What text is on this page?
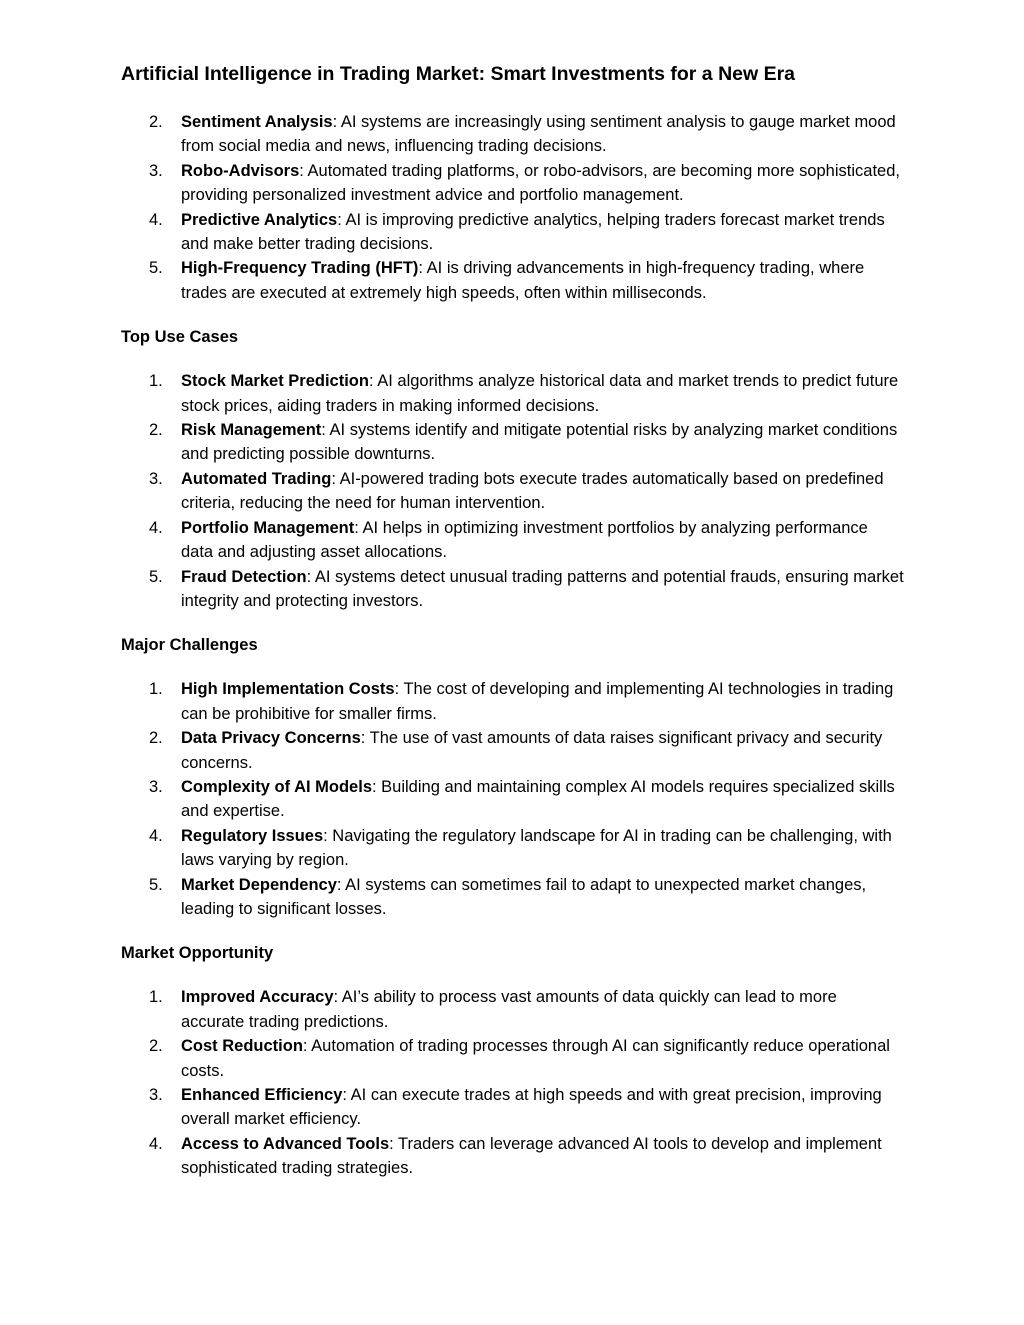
Artificial Intelligence in Trading Market: Smart Investments for a New Era
2. Sentiment Analysis: AI systems are increasingly using sentiment analysis to gauge market mood from social media and news, influencing trading decisions.
3. Robo-Advisors: Automated trading platforms, or robo-advisors, are becoming more sophisticated, providing personalized investment advice and portfolio management.
4. Predictive Analytics: AI is improving predictive analytics, helping traders forecast market trends and make better trading decisions.
5. High-Frequency Trading (HFT): AI is driving advancements in high-frequency trading, where trades are executed at extremely high speeds, often within milliseconds.
Top Use Cases
1. Stock Market Prediction: AI algorithms analyze historical data and market trends to predict future stock prices, aiding traders in making informed decisions.
2. Risk Management: AI systems identify and mitigate potential risks by analyzing market conditions and predicting possible downturns.
3. Automated Trading: AI-powered trading bots execute trades automatically based on predefined criteria, reducing the need for human intervention.
4. Portfolio Management: AI helps in optimizing investment portfolios by analyzing performance data and adjusting asset allocations.
5. Fraud Detection: AI systems detect unusual trading patterns and potential frauds, ensuring market integrity and protecting investors.
Major Challenges
1. High Implementation Costs: The cost of developing and implementing AI technologies in trading can be prohibitive for smaller firms.
2. Data Privacy Concerns: The use of vast amounts of data raises significant privacy and security concerns.
3. Complexity of AI Models: Building and maintaining complex AI models requires specialized skills and expertise.
4. Regulatory Issues: Navigating the regulatory landscape for AI in trading can be challenging, with laws varying by region.
5. Market Dependency: AI systems can sometimes fail to adapt to unexpected market changes, leading to significant losses.
Market Opportunity
1. Improved Accuracy: AI’s ability to process vast amounts of data quickly can lead to more accurate trading predictions.
2. Cost Reduction: Automation of trading processes through AI can significantly reduce operational costs.
3. Enhanced Efficiency: AI can execute trades at high speeds and with great precision, improving overall market efficiency.
4. Access to Advanced Tools: Traders can leverage advanced AI tools to develop and implement sophisticated trading strategies.
